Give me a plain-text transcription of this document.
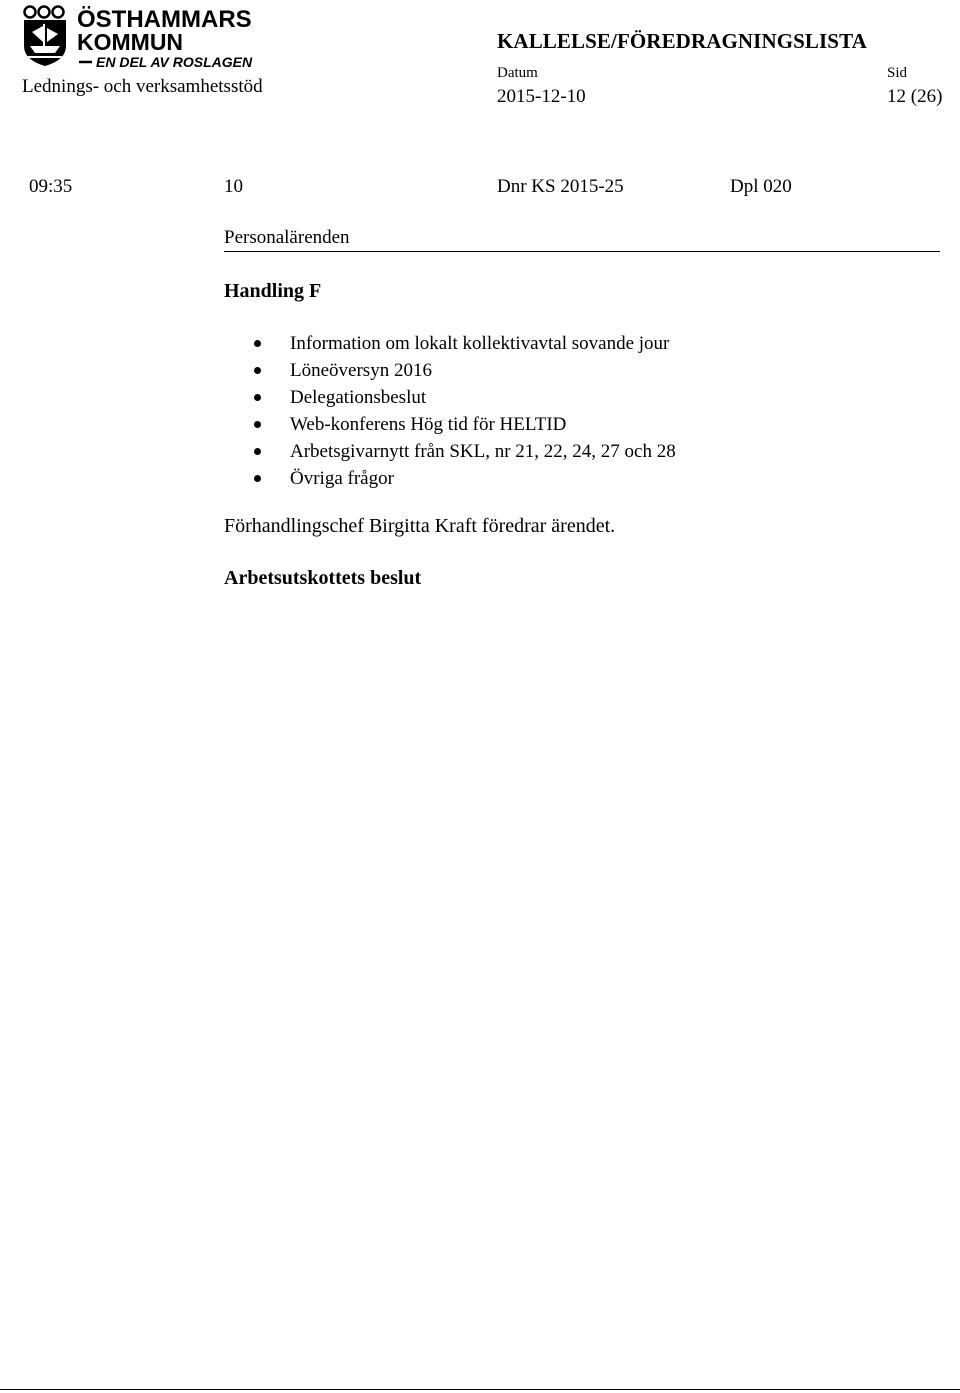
ÖSTHAMMARS
KOMMUN
EN DEL AV ROSLAGEN
Lednings- och verksamhetsstöd
KALLELSE/FÖREDRAGNINGSLISTA
Datum
2015-12-10
Sid
12 (26)
09:35	10	Dnr KS 2015-25	Dpl 020
Personalärenden
Handling F
Information om lokalt kollektivavtal sovande jour
Löneöversyn 2016
Delegationsbeslut
Web-konferens Hög tid för HELTID
Arbetsgivarnytt från SKL, nr 21, 22, 24, 27 och 28
Övriga frågor
Förhandlingschef Birgitta Kraft föredrar ärendet.
Arbetsutskottets beslut
